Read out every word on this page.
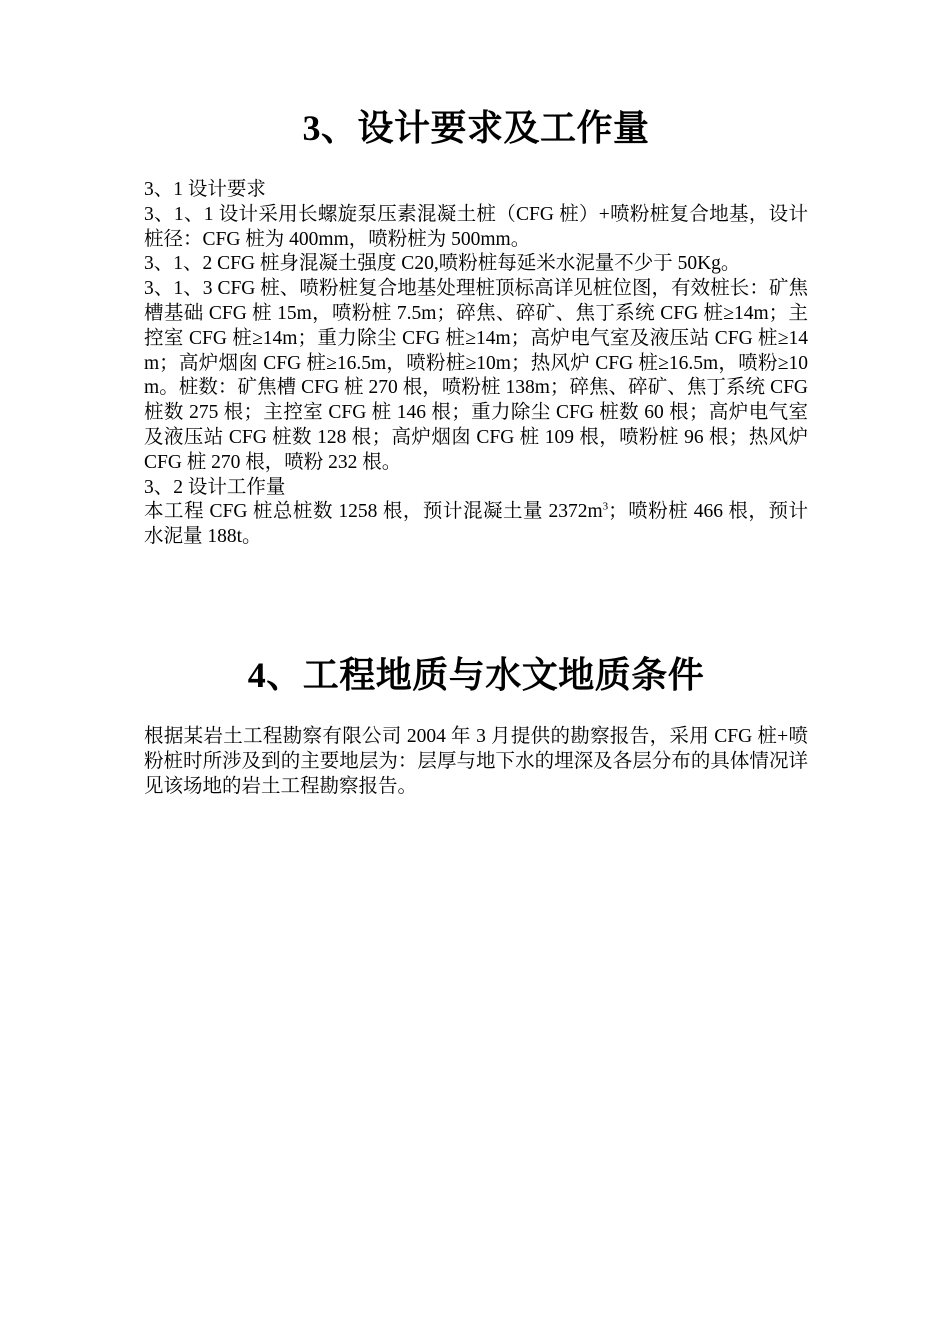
3、设计要求及工作量

3、1 设计要求

3、1、1 设计采用长螺旋泵压素混凝土桩（CFG 桩）+喷粉桩复合地基，设计桩径：CFG 桩为 400mm，喷粉桩为 500mm。

3、1、2 CFG 桩身混凝土强度 C20,喷粉桩每延米水泥量不少于 50Kg。

3、1、3 CFG 桩、喷粉桩复合地基处理桩顶标高详见桩位图，有效桩长：矿焦槽基础 CFG 桩 15m，喷粉桩 7.5m；碎焦、碎矿、焦丁系统 CFG 桩≥14m；主控室 CFG 桩≥14m；重力除尘 CFG 桩≥14m；高炉电气室及液压站 CFG 桩≥14m；高炉烟囱 CFG 桩≥16.5m，喷粉桩≥10m；热风炉 CFG 桩≥16.5m，喷粉≥10m。桩数：矿焦槽 CFG 桩 270 根，喷粉桩 138m；碎焦、碎矿、焦丁系统 CFG 桩数 275 根；主控室 CFG 桩 146 根；重力除尘 CFG 桩数 60 根；高炉电气室及液压站 CFG 桩数 128 根；高炉烟囱 CFG 桩 109 根，喷粉桩 96 根；热风炉 CFG 桩 270 根，喷粉 232 根。

3、2 设计工作量

本工程 CFG 桩总桩数 1258 根，预计混凝土量 $2372m^3$；喷粉桩 466 根，预计水泥量 188t。

4、工程地质与水文地质条件

根据某岩土工程勘察有限公司 2004 年 3 月提供的勘察报告，采用 CFG 桩+喷粉桩时所涉及到的主要地层为：层厚与地下水的埋深及各层分布的具体情况详见该场地的岩土工程勘察报告。
